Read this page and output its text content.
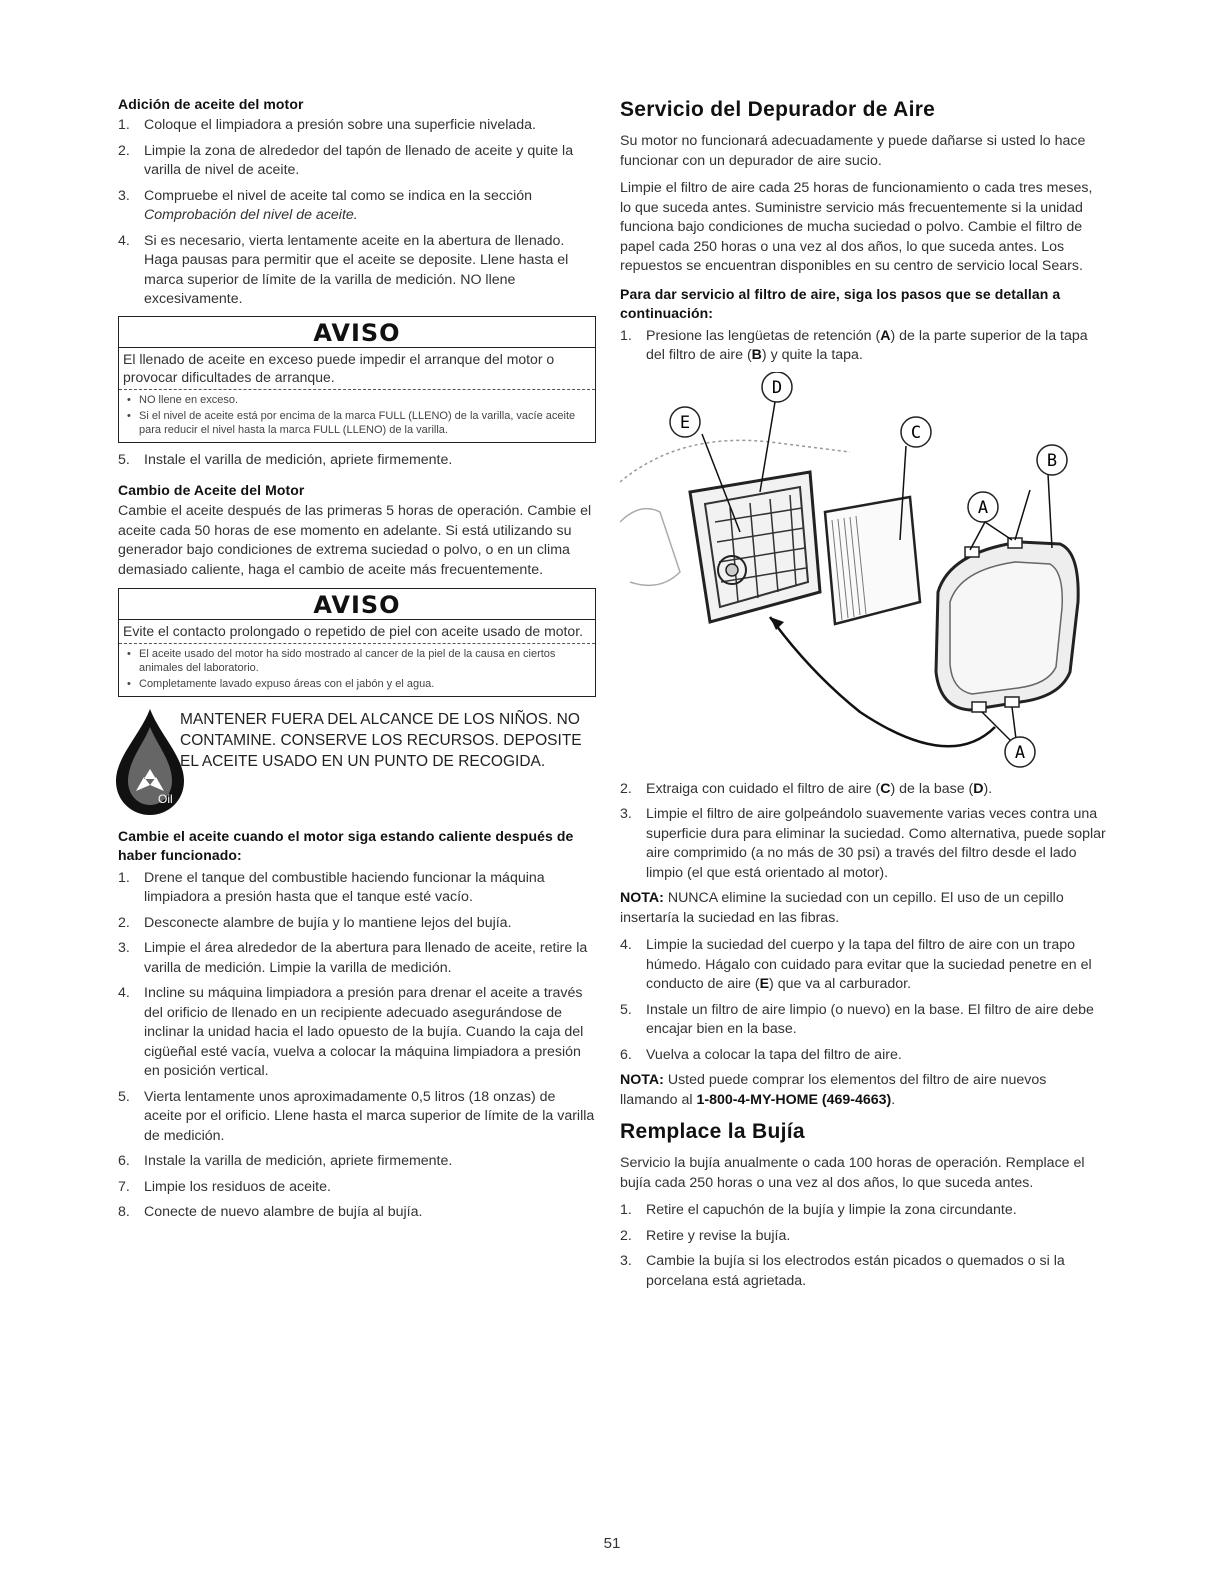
Adición de aceite del motor
1. Coloque el limpiadora a presión sobre una superficie nivelada.
2. Limpie la zona de alrededor del tapón de llenado de aceite y quite la varilla de nivel de aceite.
3. Compruebe el nivel de aceite tal como se indica en la sección Comprobación del nivel de aceite.
4. Si es necesario, vierta lentamente aceite en la abertura de llenado. Haga pausas para permitir que el aceite se deposite. Llene hasta el marca superior de límite de la varilla de medición. NO llene excesivamente.
AVISO
El llenado de aceite en exceso puede impedir el arranque del motor o provocar dificultades de arranque.
• NO llene en exceso.
• Si el nivel de aceite está por encima de la marca FULL (LLENO) de la varilla, vacíe aceite para reducir el nivel hasta la marca FULL (LLENO) de la varilla.
5. Instale el varilla de medición, apriete firmemente.
Cambio de Aceite del Motor

Cambie el aceite después de las primeras 5 horas de operación. Cambie el aceite cada 50 horas de ese momento en adelante. Si está utilizando su generador bajo condiciones de extrema suciedad o polvo, o en un clima demasiado caliente, haga el cambio de aceite más frecuentemente.

AVISO
Evite el contacto prolongado o repetido de piel con aceite usado de motor.
• El aceite usado del motor ha sido mostrado al cancer de la piel de la causa en ciertos animales del laboratorio.
• Completamente lavado expuso áreas con el jabón y el agua.
Oil
MANTENER FUERA DEL ALCANCE DE LOS NIÑOS. NO CONTAMINE. CONSERVE LOS RECURSOS. DEPOSITE EL ACEITE USADO EN UN PUNTO DE RECOGIDA.
Cambie el aceite cuando el motor siga estando caliente después de haber funcionado:
1. Drene el tanque del combustible haciendo funcionar la máquina limpiadora a presión hasta que el tanque esté vacío.
2. Desconecte alambre de bujía y lo mantiene lejos del bujía.
3. Limpie el área alrededor de la abertura para llenado de aceite, retire la varilla de medición. Limpie la varilla de medición.
4. Incline su máquina limpiadora a presión para drenar el aceite a través del orificio de llenado en un recipiente adecuado asegurándose de inclinar la unidad hacia el lado opuesto de la bujía. Cuando la caja del cigüeñal esté vacía, vuelva a colocar la máquina limpiadora a presión en posición vertical.
5. Vierta lentamente unos aproximadamente 0,5 litros (18 onzas) de aceite por el orificio. Llene hasta el marca superior de límite de la varilla de medición.
6. Instale la varilla de medición, apriete firmemente.
7. Limpie los residuos de aceite.
8. Conecte de nuevo alambre de bujía al bujía.
Servicio del Depurador de Aire

Su motor no funcionará adecuadamente y puede dañarse si usted lo hace funcionar con un depurador de aire sucio.

Limpie el filtro de aire cada 25 horas de funcionamiento o cada tres meses, lo que suceda antes. Suministre servicio más frecuentemente si la unidad funciona bajo condiciones de mucha suciedad o polvo. Cambie el filtro de papel cada 250 horas o una vez al dos años, lo que suceda antes. Los repuestos se encuentran disponibles en su centro de servicio local Sears.

Para dar servicio al filtro de aire, siga los pasos que se detallan a continuación:
1. Presione las lengüetas de retención (A) de la parte superior de la tapa del filtro de aire (B) y quite la tapa.
D
E	C
B
A
A
2. Extraiga con cuidado el filtro de aire (C) de la base (D).
3. Limpie el filtro de aire golpeándolo suavemente varias veces contra una superficie dura para eliminar la suciedad. Como alternativa, puede soplar aire comprimido (a no más de 30 psi) a través del filtro desde el lado limpio (el que está orientado al motor).

NOTA: NUNCA elimine la suciedad con un cepillo. El uso de un cepillo insertaría la suciedad en las fibras.

4. Limpie la suciedad del cuerpo y la tapa del filtro de aire con un trapo húmedo. Hágalo con cuidado para evitar que la suciedad penetre en el conducto de aire (E) que va al carburador.
5. Instale un filtro de aire limpio (o nuevo) en la base. El filtro de aire debe encajar bien en la base.
6. Vuelva a colocar la tapa del filtro de aire.

NOTA: Usted puede comprar los elementos del filtro de aire nuevos llamando al 1-800-4-MY-HOME (469-4663).

Remplace la Bujía

Servicio la bujía anualmente o cada 100 horas de operación. Remplace el bujía cada 250 horas o una vez al dos años, lo que suceda antes.

1. Retire el capuchón de la bujía y limpie la zona circundante.
2. Retire y revise la bujía.
3. Cambie la bujía si los electrodos están picados o quemados o si la porcelana está agrietada.
51
